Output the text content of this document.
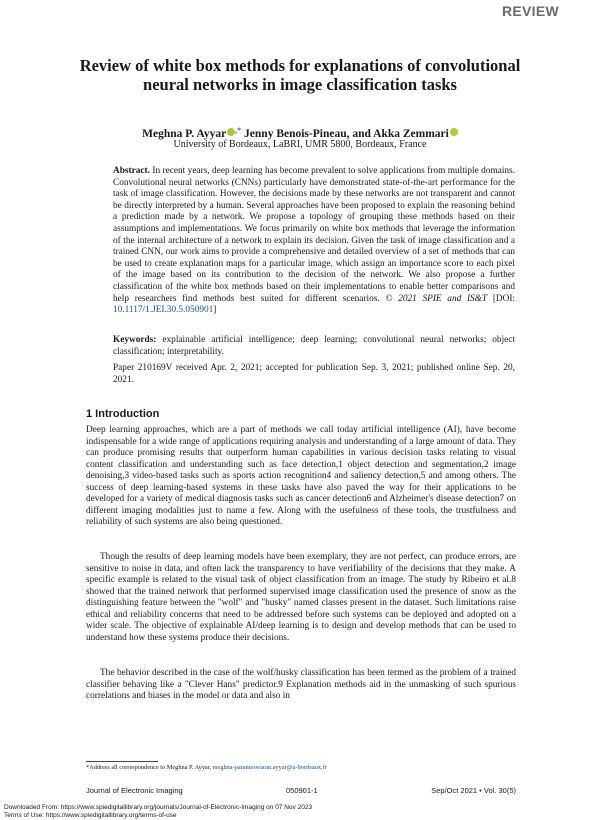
REVIEW
Review of white box methods for explanations of convolutional neural networks in image classification tasks
Meghna P. Ayyar ,* Jenny Benois-Pineau, and Akka Zemmari
University of Bordeaux, LaBRI, UMR 5800, Bordeaux, France
Abstract. In recent years, deep learning has become prevalent to solve applications from multiple domains. Convolutional neural networks (CNNs) particularly have demonstrated state-of-the-art performance for the task of image classification. However, the decisions made by these networks are not transparent and cannot be directly interpreted by a human. Several approaches have been proposed to explain the reasoning behind a prediction made by a network. We propose a topology of grouping these methods based on their assumptions and implementations. We focus primarily on white box methods that leverage the information of the internal architecture of a network to explain its decision. Given the task of image classification and a trained CNN, our work aims to provide a comprehensive and detailed overview of a set of methods that can be used to create explanation maps for a particular image, which assign an importance score to each pixel of the image based on its contribution to the decision of the network. We also propose a further classification of the white box methods based on their implementations to enable better comparisons and help researchers find methods best suited for different scenarios. © 2021 SPIE and IS&T [DOI: 10.1117/1.JEI.30.5.050901]
Keywords: explainable artificial intelligence; deep learning; convolutional neural networks; object classification; interpretability.
Paper 210169V received Apr. 2, 2021; accepted for publication Sep. 3, 2021; published online Sep. 20, 2021.
1 Introduction

Deep learning approaches, which are a part of methods we call today artificial intelligence (AI), have become indispensable for a wide range of applications requiring analysis and understanding of a large amount of data. They can produce promising results that outperform human capabilities in various decision tasks relating to visual content classification and understanding such as face detection,1 object detection and segmentation,2 image denoising,3 video-based tasks such as sports action recognition4 and saliency detection,5 and among others. The success of deep learning-based systems in these tasks have also paved the way for their applications to be developed for a variety of medical diagnosis tasks such as cancer detection6 and Alzheimer's disease detection7 on different imaging modalities just to name a few. Along with the usefulness of these tools, the trustfulness and reliability of such systems are also being questioned.

Though the results of deep learning models have been exemplary, they are not perfect, can produce errors, are sensitive to noise in data, and often lack the transparency to have verifiability of the decisions that they make. A specific example is related to the visual task of object classification from an image. The study by Ribeiro et al.8 showed that the trained network that performed supervised image classification used the presence of snow as the distinguishing feature between the "wolf" and "husky" named classes present in the dataset. Such limitations raise ethical and reliability concerns that need to be addressed before such systems can be deployed and adopted on a wider scale. The objective of explainable AI/deep learning is to design and develop methods that can be used to understand how these systems produce their decisions.

The behavior described in the case of the wolf/husky classification has been termed as the problem of a trained classifier behaving like a "Clever Hans" predictor.9 Explanation methods aid in the unmasking of such spurious correlations and biases in the model or data and also in

*Address all correspondence to Meghna P. Ayyar, meghna-parameswaran.ayyar@u-bordeaux.fr
Journal of Electronic Imaging	050901-1	Sep/Oct 2021 • Vol. 30(5)
Downloaded From: https://www.spiedigitallibrary.org/journals/Journal-of-Electronic-Imaging on 07 Nov 2023
Terms of Use: https://www.spiedigitallibrary.org/terms-of-use
